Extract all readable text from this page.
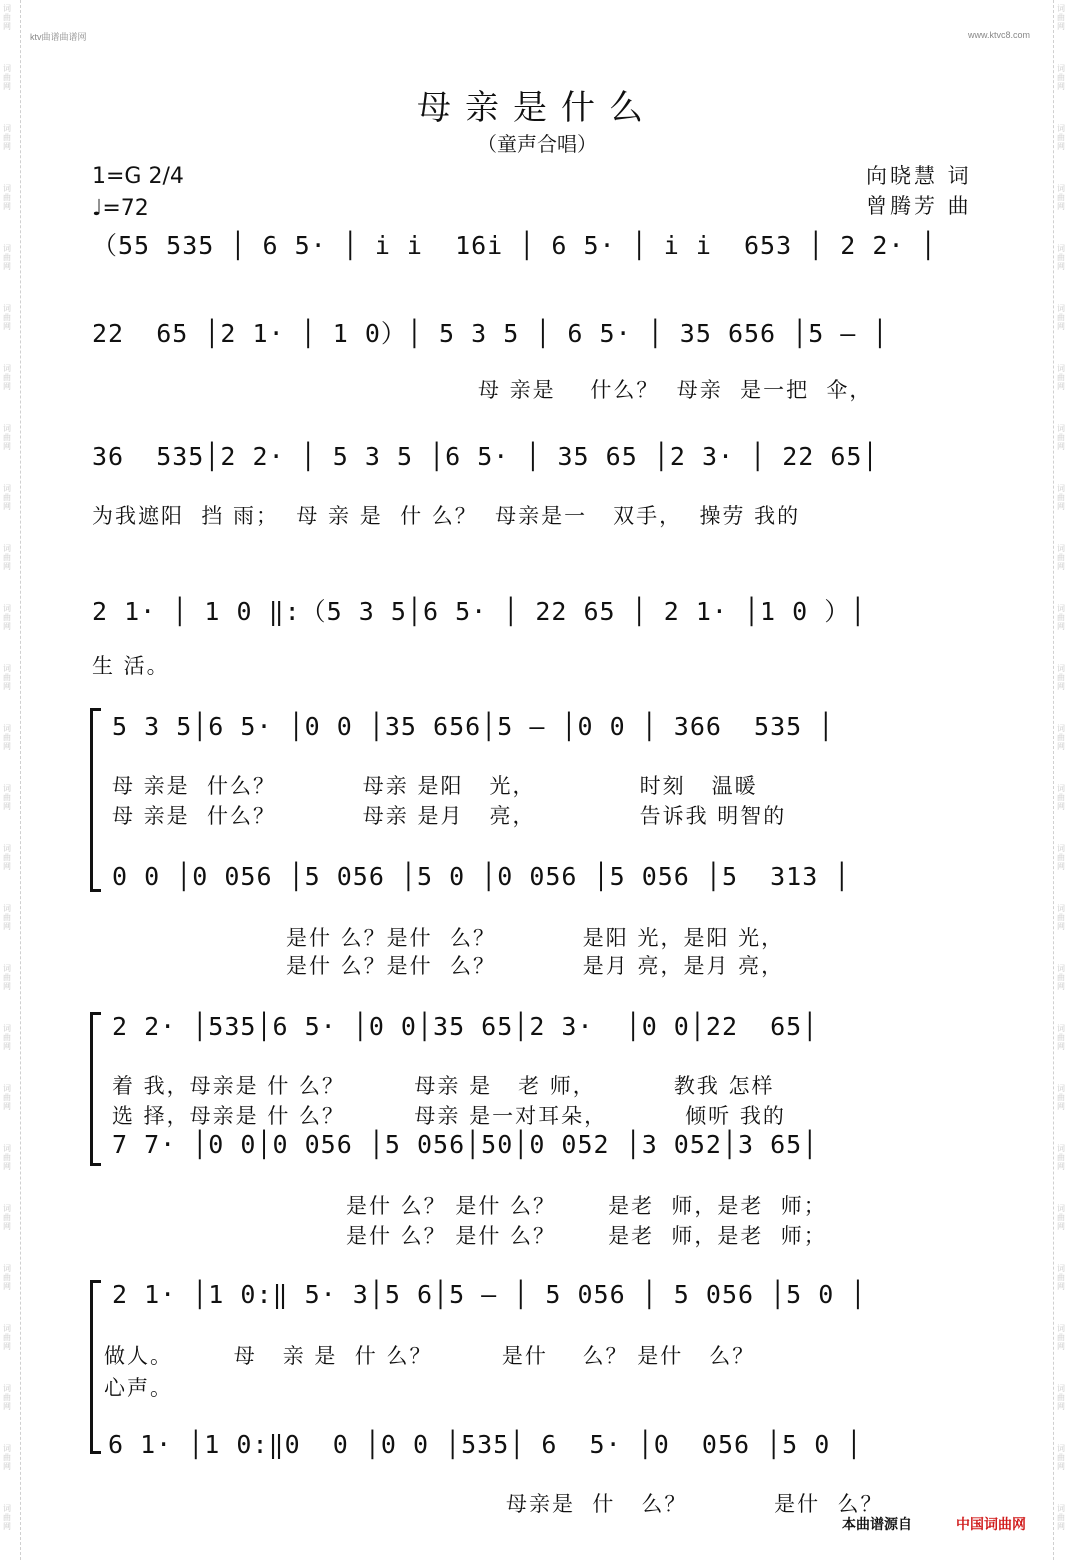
词 曲 网
词 曲 网
词 曲 网
词 曲 网
词 曲 网
词 曲 网
词 曲 网
词 曲 网
词 曲 网
词 曲 网
词 曲 网
词 曲 网
词 曲 网
词 曲 网
词 曲 网
词 曲 网
词 曲 网
词 曲 网
词 曲 网
词 曲 网
词 曲 网
词 曲 网
词 曲 网
词 曲 网
词 曲 网
词 曲 网
词 曲 网
词 曲 网
词 曲 网
词 曲 网
词 曲 网
词 曲 网
词 曲 网
词 曲 网
词 曲 网
词 曲 网
词 曲 网
词 曲 网
词 曲 网
词 曲 网
词 曲 网
词 曲 网
词 曲 网
词 曲 网
词 曲 网
词 曲 网
词 曲 网
词 曲 网
词 曲 网
词 曲 网
词 曲 网
词 曲 网
ktv曲谱曲谱网	www.ktvc8.com
母亲是什么
（童声合唱）
1=G 2/4
♩=72
向晓慧 词
曾腾芳 曲
（55 535 │ 6 5· │ i i  16i │ 6 5· │ i i  653 │ 2 2· │
22  65 │2 1· │ 1 0）│ 5 3 5 │ 6 5· │ 35 656 │5 — │
母 亲是    什么？  母亲  是一把  伞，
36  535│2 2· │ 5 3 5 │6 5· │ 35 65 │2 3· │ 22 65│
为我遮阳  挡 雨；  母 亲 是  什 么？  母亲是一   双手，  操劳 我的
2 1· │ 1 0 ‖:（5 3 5│6 5· │ 22 65 │ 2 1· │1 0 ）│
生 活。
5 3 5│6 5· │0 0 │35 656│5 — │0 0 │ 366  535 │
母 亲是  什么？          母亲 是阳   光，            时刻   温暖
母 亲是  什么？          母亲 是月   亮，            告诉我 明智的
0 0 │0 056 │5 056 │5 0 │0 056 │5 056 │5  313 │
是什 么？是什  么？          是阳 光，是阳 光，
是什 么？是什  么？          是月 亮，是月 亮，
2 2· │535│6 5· │0 0│35 65│2 3·  │0 0│22  65│
着 我，母亲是 什 么？        母亲 是   老 师，         教我 怎样
选 择，母亲是 什 么？        母亲 是一对耳朵，         倾听 我的
7 7· │0 0│0 056 │5 056│50│0 052 │3 052│3 65│
是什 么？ 是什 么？      是老  师，是老  师；
是什 么？ 是什 么？      是老  师，是老  师；
2 1· │1 0:‖ 5· 3│5 6│5 — │ 5 056 │ 5 056 │5 0 │
做人。       母   亲 是  什 么？        是什    么？ 是什   么？
心声。
6 1· │1 0:‖0  0 │0 0 │535│ 6  5· │0  056 │5 0 │
母亲是  什   么？          是什  么？
本曲谱源自	中国词曲网
